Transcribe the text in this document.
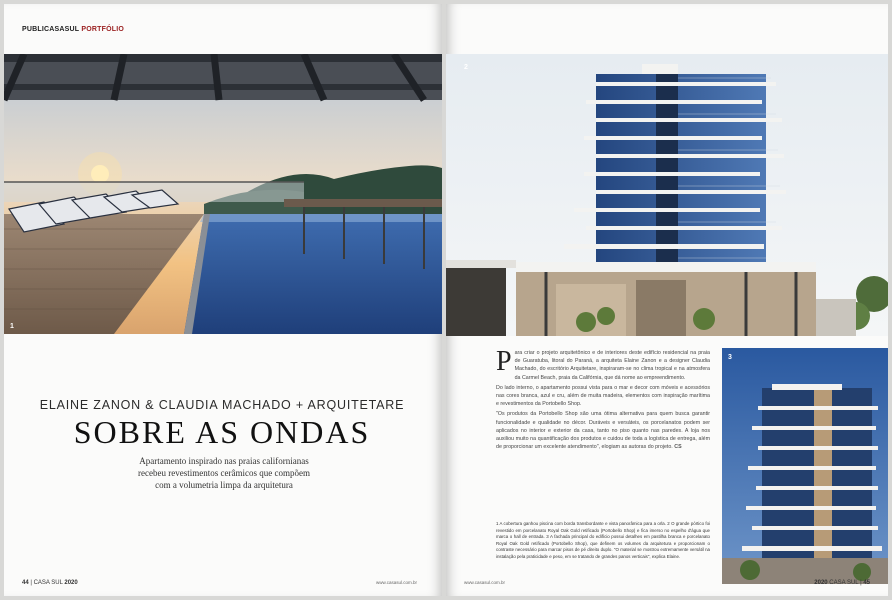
PUBLICASASUL PORTFÓLIO
1
ELAINE ZANON & CLAUDIA MACHADO + ARQUITETARE
SOBRE AS ONDAS
Apartamento inspirado nas praias californianas
recebeu revestimentos cerâmicos que compõem
com a volumetria limpa da arquitetura
44 | CASA SUL 2020	www.casasul.com.br
2
3

Para criar o projeto arquitetônico e de interiores deste edifício residencial na praia de Guaratuba, litoral do Paraná, a arquiteta Elaine Zanon e a designer Claudia Machado, do escritório Arquitetare, inspiraram-se no clima tropical e na atmosfera da Carmel Beach, praia da Califórnia, que dá nome ao empreendimento.

Do lado interno, o apartamento possui vista para o mar e decor com móveis e acessórios nas cores branca, azul e cru, além de muita madeira, elementos com inspiração marítima e revestimentos da Portobello Shop.

"Os produtos da Portobello Shop são uma ótima alternativa para quem busca garantir funcionalidade e qualidade no décor. Duráveis e versáteis, os porcelanatos podem ser aplicados no interior e exterior da casa, tanto no piso quanto nas paredes. A loja nos auxiliou muito na quantificação dos produtos e cuidou de toda a logística de entrega, além de proporcionar um excelente atendimento", elogiam as autoras do projeto. CS

1 A cobertura ganhou piscina com borda transbordante e vista panorâmica para a orla. 2 O grande pórtico foi revestido em porcelanato Royal Oak Gold retificado (Portobello Shop) e fica imerso no espelho d'água que marca o hall de entrada. 3 A fachada principal do edifício possui detalhes em pastilha branca e porcelanato Royal Oak Gold retificado (Portobello Shop), que definem os volumes da arquitetura e proporcionam o contraste necessário para marcar pisos de pé direito duplo. "O material se mostrou extremamente versátil na instalação pela praticidade e peso, em se tratando de grandes panos verticais", explica Elaine.
www.casasul.com.br	2020 CASA SUL | 45
